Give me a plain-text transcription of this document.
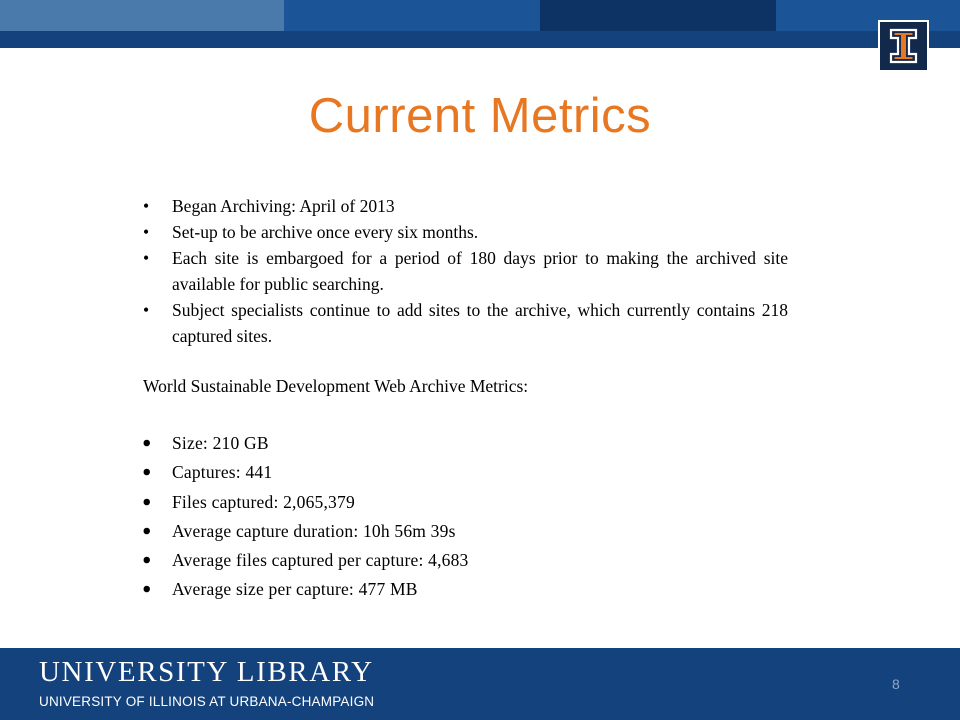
Current Metrics
• Began Archiving: April of 2013
• Set-up to be archive once every six months.
• Each site is embargoed for a period of 180 days prior to making the archived site available for public searching.
• Subject specialists continue to add sites to the archive, which currently contains 218 captured sites.
World Sustainable Development Web Archive Metrics:
⦁ Size: 210 GB
⦁ Captures: 441
⦁ Files captured: 2,065,379
⦁ Average capture duration: 10h 56m 39s
⦁ Average files captured per capture: 4,683
⦁ Average size per capture: 477 MB
UNIVERSITY LIBRARY
UNIVERSITY OF ILLINOIS AT URBANA-CHAMPAIGN
8
